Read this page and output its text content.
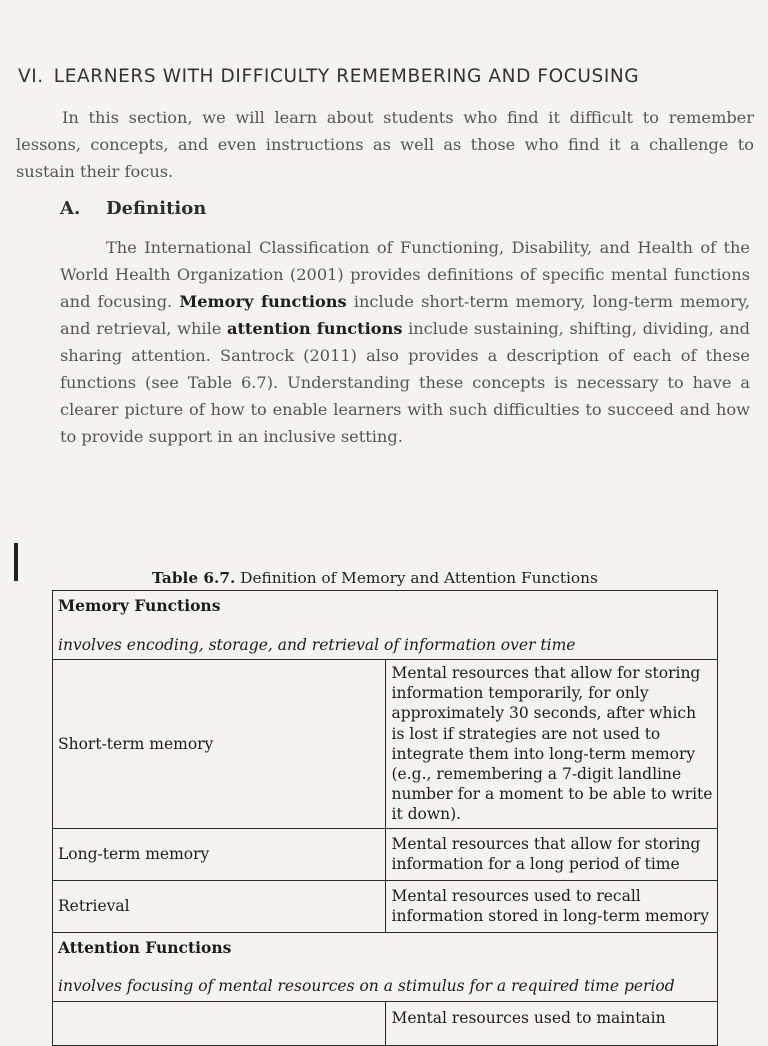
VI. LEARNERS WITH DIFFICULTY REMEMBERING AND FOCUSING

In this section, we will learn about students who find it difficult to remember lessons, concepts, and even instructions as well as those who find it a challenge to sustain their focus.

A. Definition

The International Classification of Functioning, Disability, and Health of the World Health Organization (2001) provides definitions of specific mental functions and focusing. Memory functions include short-term memory, long-term memory, and retrieval, while attention functions include sustaining, shifting, dividing, and sharing attention. Santrock (2011) also provides a description of each of these functions (see Table 6.7). Understanding these concepts is necessary to have a clearer picture of how to enable learners with such difficulties to succeed and how to provide support in an inclusive setting.

Table 6.7. Definition of Memory and Attention Functions
Memory Functions
involves encoding, storage, and retrieval of information over time	

Short-term memory	Mental resources that allow for storing information temporarily, for only approximately 30 seconds, after which is lost if strategies are not used to integrate them into long-term memory (e.g., remembering a 7-digit landline number for a moment to be able to write it down).
Long-term memory	Mental resources that allow for storing information for a long period of time
Retrieval	Mental resources used to recall information stored in long-term memory

Attention Functions
involves focusing of mental resources on a stimulus for a required time period	

	Mental resources used to maintain
